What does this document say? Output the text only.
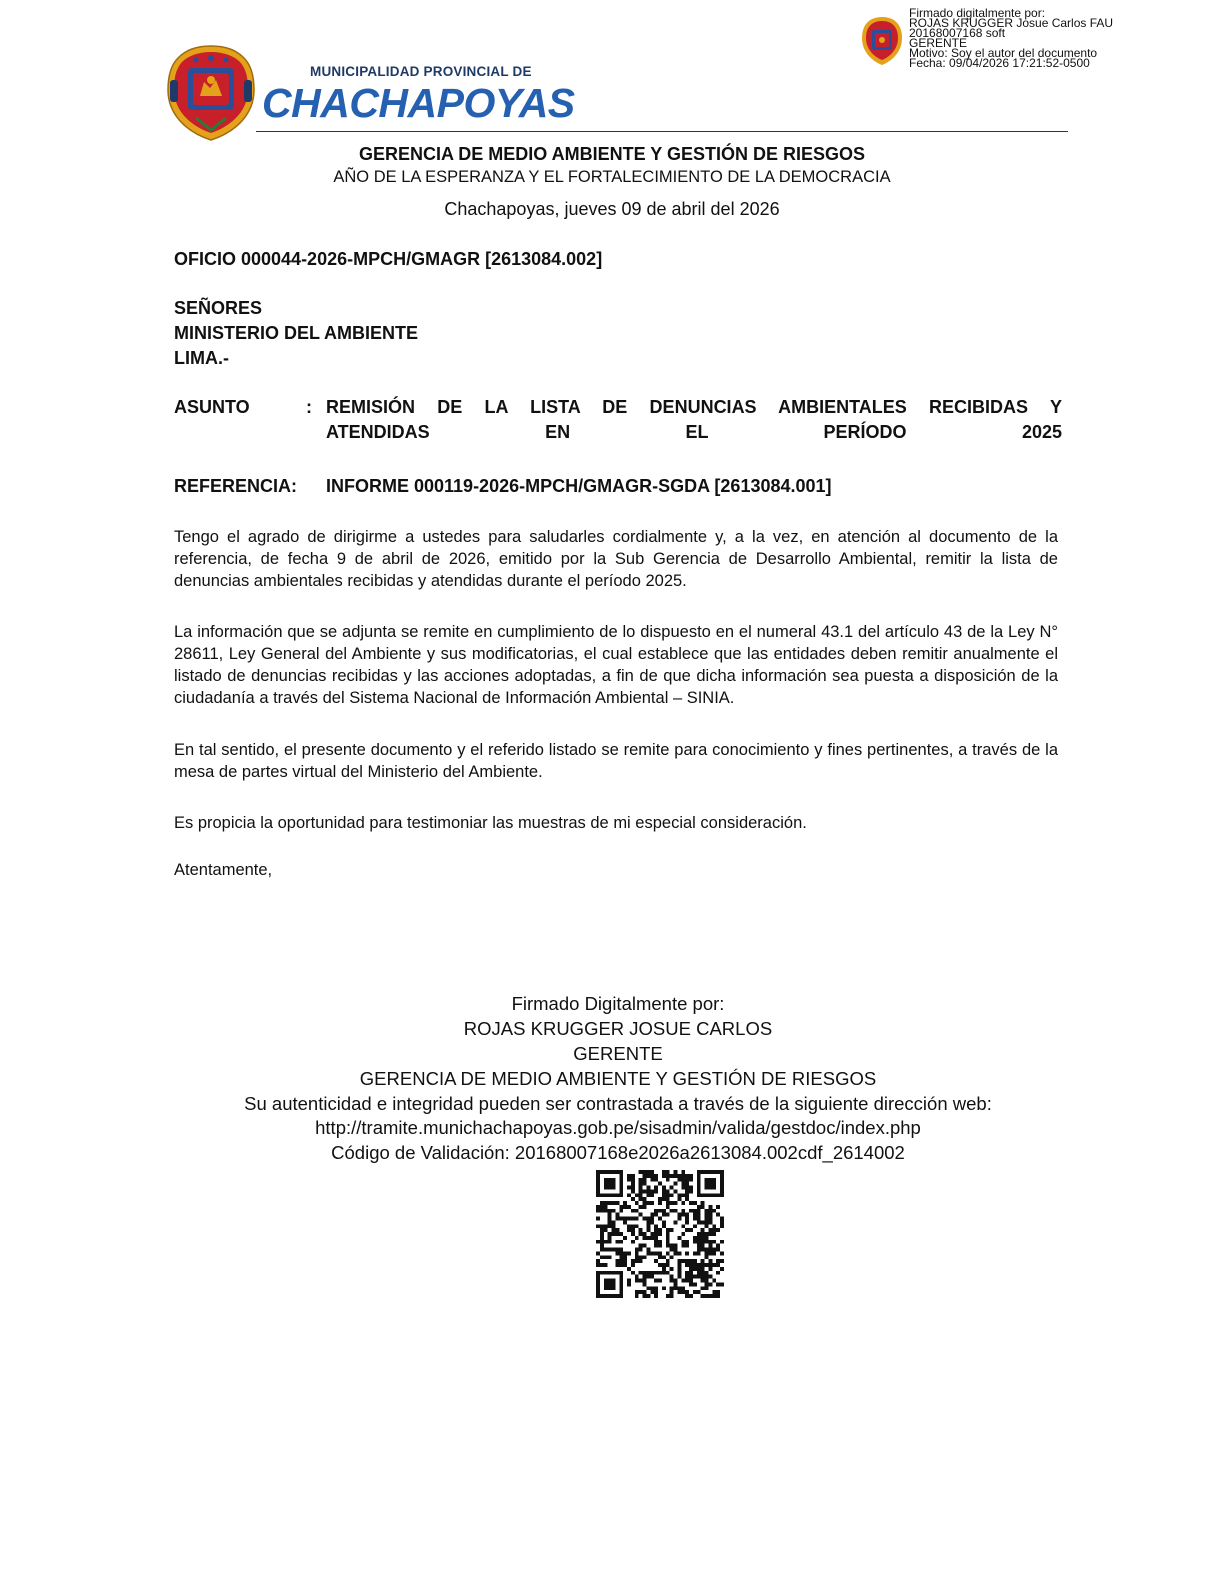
MUNICIPALIDAD PROVINCIAL DE
CHACHAPOYAS
Firmado digitalmente por:
ROJAS KRUGGER Josue Carlos FAU
20168007168 soft
GERENTE
Motivo: Soy el autor del documento
Fecha: 09/04/2026 17:21:52-0500
GERENCIA DE MEDIO AMBIENTE Y GESTIÓN DE RIESGOS
AÑO DE LA ESPERANZA Y EL FORTALECIMIENTO DE LA DEMOCRACIA
Chachapoyas, jueves 09 de abril del 2026
OFICIO 000044-2026-MPCH/GMAGR [2613084.002]
SEÑORES
MINISTERIO DEL AMBIENTE
LIMA.-
ASUNTO	: REMISIÓN DE LA LISTA DE DENUNCIAS AMBIENTALES RECIBIDAS Y
ATENDIDAS EN EL PERÍODO 2025
REFERENCIA: INFORME 000119-2026-MPCH/GMAGR-SGDA [2613084.001]
Tengo el agrado de dirigirme a ustedes para saludarles cordialmente y, a la vez, en atención al documento de la referencia, de fecha 9 de abril de 2026, emitido por la Sub Gerencia de Desarrollo Ambiental, remitir la lista de denuncias ambientales recibidas y atendidas durante el período 2025.
La información que se adjunta se remite en cumplimiento de lo dispuesto en el numeral 43.1 del artículo 43 de la Ley N° 28611, Ley General del Ambiente y sus modificatorias, el cual establece que las entidades deben remitir anualmente el listado de denuncias recibidas y las acciones adoptadas, a fin de que dicha información sea puesta a disposición de la ciudadanía a través del Sistema Nacional de Información Ambiental – SINIA.
En tal sentido, el presente documento y el referido listado se remite para conocimiento y fines pertinentes, a través de la mesa de partes virtual del Ministerio del Ambiente.
Es propicia la oportunidad para testimoniar las muestras de mi especial consideración.
Atentamente,
Firmado Digitalmente por:
ROJAS KRUGGER JOSUE CARLOS
GERENTE
GERENCIA DE MEDIO AMBIENTE Y GESTIÓN DE RIESGOS
Su autenticidad e integridad pueden ser contrastada a través de la siguiente dirección web:
http://tramite.munichachapoyas.gob.pe/sisadmin/valida/gestdoc/index.php
Código de Validación: 20168007168e2026a2613084.002cdf_2614002
